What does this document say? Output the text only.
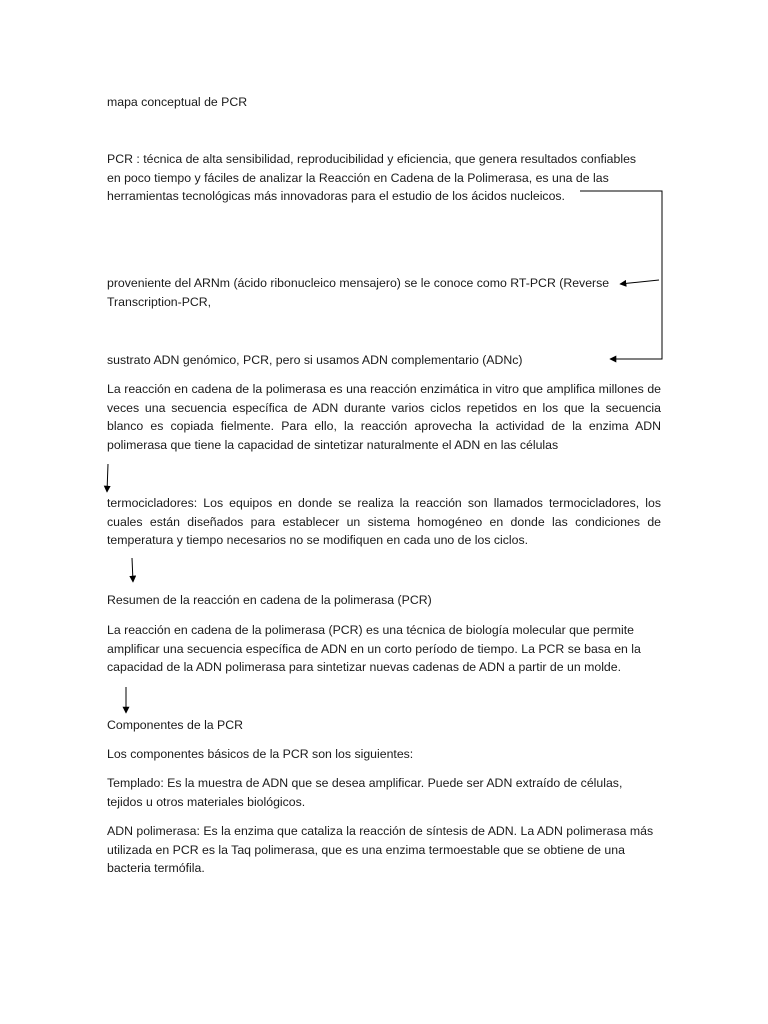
mapa conceptual de PCR

PCR : técnica de alta sensibilidad, reproducibilidad y eficiencia, que genera resultados confiables
en poco tiempo y fáciles de analizar la Reacción en Cadena de la Polimerasa, es una de las
herramientas tecnológicas más innovadoras para el estudio de los ácidos nucleicos.

proveniente del ARNm (ácido ribonucleico mensajero) se le conoce como RT-PCR (Reverse
Transcription-PCR,

sustrato ADN genómico, PCR, pero si usamos ADN complementario (ADNc)

La reacción en cadena de la polimerasa es una reacción enzimática in vitro que amplifica millones de veces una secuencia específica de ADN durante varios ciclos repetidos en los que la secuencia blanco es copiada fielmente. Para ello, la reacción aprovecha la actividad de la enzima ADN polimerasa que tiene la capacidad de sintetizar naturalmente el ADN en las células

termocicladores: Los equipos en donde se realiza la reacción son llamados termocicladores, los cuales están diseñados para establecer un sistema homogéneo en donde las condiciones de temperatura y tiempo necesarios no se modifiquen en cada uno de los ciclos.

Resumen de la reacción en cadena de la polimerasa (PCR)

La reacción en cadena de la polimerasa (PCR) es una técnica de biología molecular que permite
amplificar una secuencia específica de ADN en un corto período de tiempo. La PCR se basa en la
capacidad de la ADN polimerasa para sintetizar nuevas cadenas de ADN a partir de un molde.

Componentes de la PCR

Los componentes básicos de la PCR son los siguientes:

Templado: Es la muestra de ADN que se desea amplificar. Puede ser ADN extraído de células,
tejidos u otros materiales biológicos.

ADN polimerasa: Es la enzima que cataliza la reacción de síntesis de ADN. La ADN polimerasa más
utilizada en PCR es la Taq polimerasa, que es una enzima termoestable que se obtiene de una
bacteria termófila.
